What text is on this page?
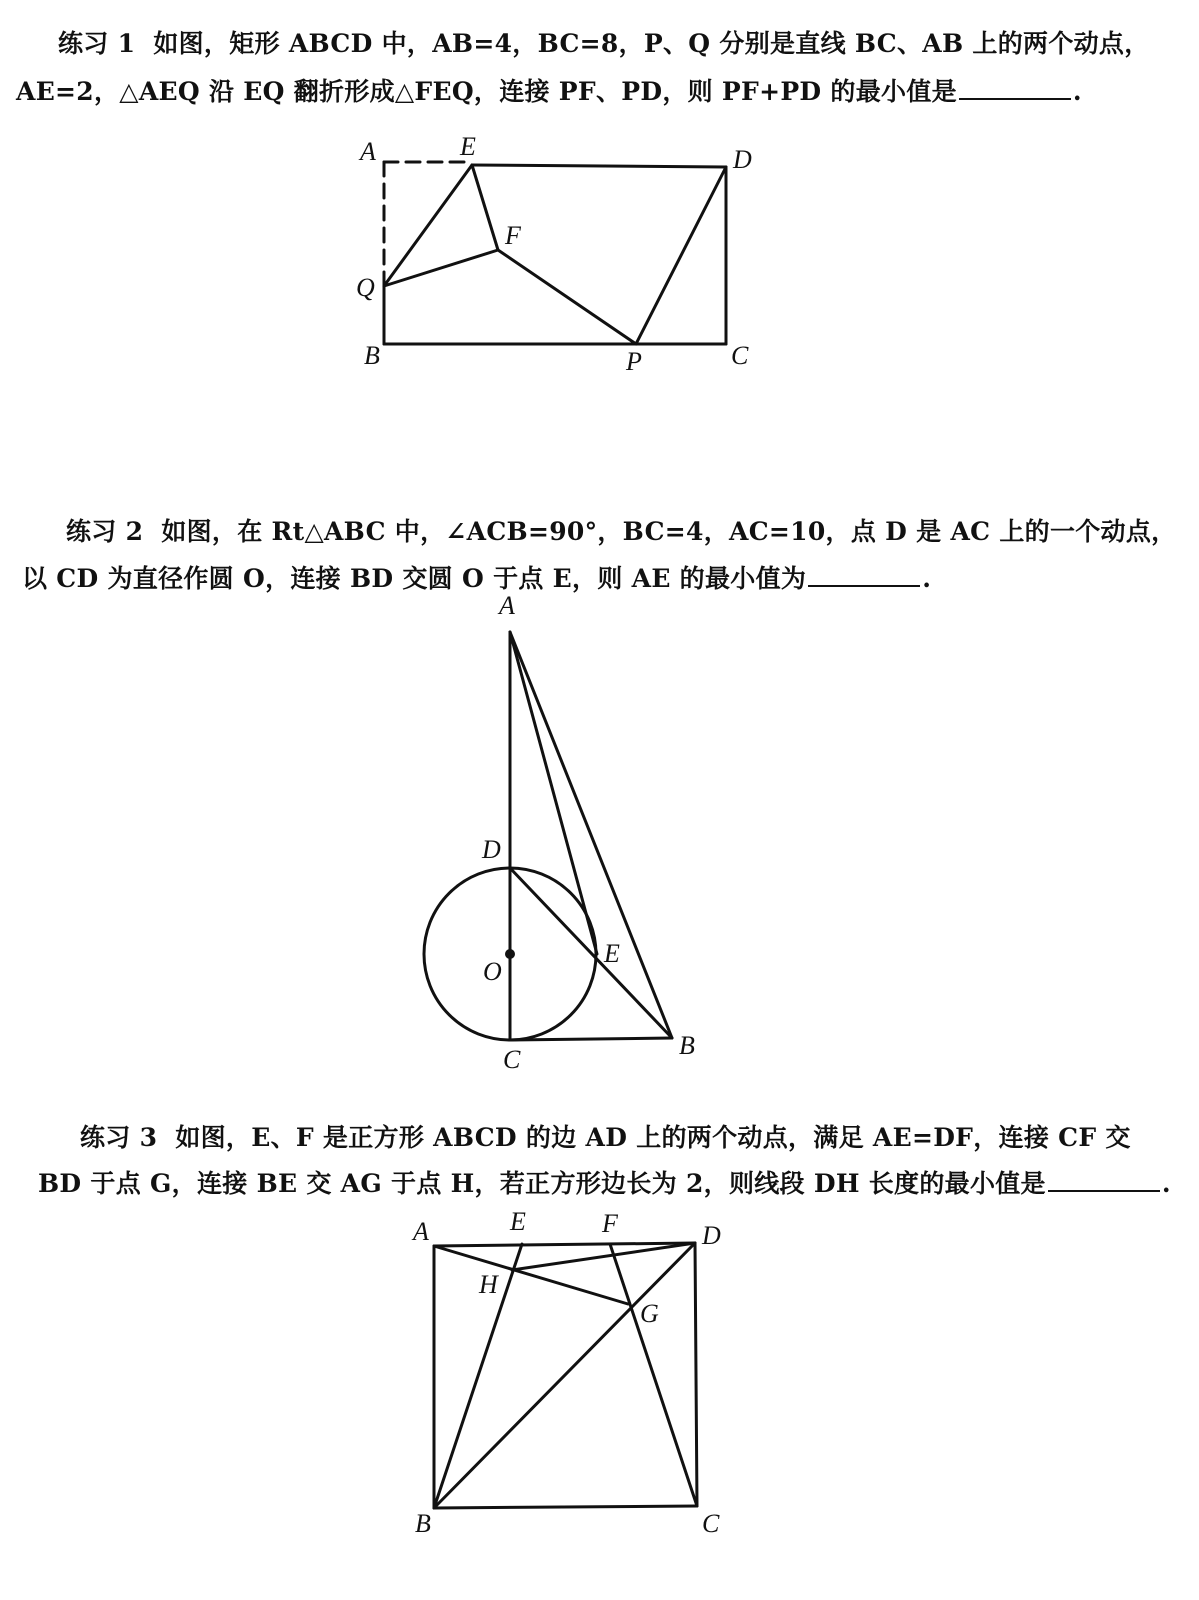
练习 1 如图，矩形 ABCD 中，AB=4，BC=8，P、Q 分别是直线 BC、AB 上的两个动点，

AE=2，△AEQ 沿 EQ 翻折形成△FEQ，连接 PF、PD，则 PF+PD 的最小值是	.

A	E	D
F
Q
B	P	C

练习 2 如图，在 Rt△ABC 中，∠ACB=90°，BC=4，AC=10，点 D 是 AC 上的一个动点，

以 CD 为直径作圆 O，连接 BD 交圆 O 于点 E，则 AE 的最小值为	.

A
D
O
E
C	B

练习 3 如图，E、F 是正方形 ABCD 的边 AD 上的两个动点，满足 AE=DF，连接 CF 交

BD 于点 G，连接 BE 交 AG 于点 H，若正方形边长为 2，则线段 DH 长度的最小值是	.

A	E	F	D
H
G
B	C
